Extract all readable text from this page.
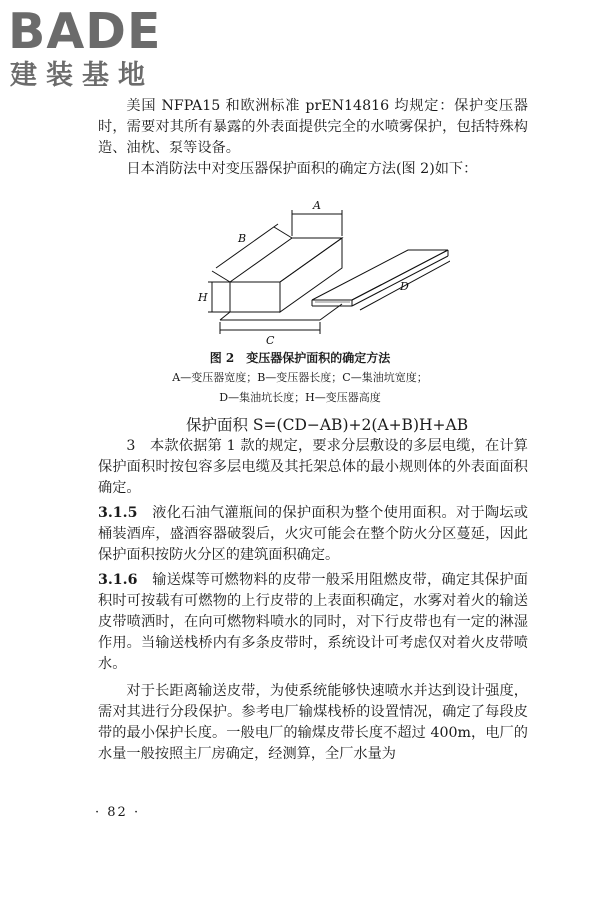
BADE
建装基地

美国 NFPA15 和欧洲标准 prEN14816 均规定：保护变压器时，需要对其所有暴露的外表面提供完全的水喷雾保护，包括特殊构造、油枕、泵等设备。

日本消防法中对变压器保护面积的确定方法(图 2)如下：

A
B
H
C
D
图 2　变压器保护面积的确定方法
A—变压器宽度；B—变压器长度；C—集油坑宽度；
D—集油坑长度；H—变压器高度
保护面积 S=(CD−AB)+2(A+B)H+AB

3　本款依据第 1 款的规定，要求分层敷设的多层电缆，在计算保护面积时按包容多层电缆及其托架总体的最小规则体的外表面面积确定。

3.1.5　液化石油气灌瓶间的保护面积为整个使用面积。对于陶坛或桶装酒库，盛酒容器破裂后，火灾可能会在整个防火分区蔓延，因此保护面积按防火分区的建筑面积确定。

3.1.6　输送煤等可燃物料的皮带一般采用阻燃皮带，确定其保护面积时可按载有可燃物的上行皮带的上表面积确定，水雾对着火的输送皮带喷洒时，在向可燃物料喷水的同时，对下行皮带也有一定的淋湿作用。当输送栈桥内有多条皮带时，系统设计可考虑仅对着火皮带喷水。

对于长距离输送皮带，为使系统能够快速喷水并达到设计强度，需对其进行分段保护。参考电厂输煤栈桥的设置情况，确定了每段皮带的最小保护长度。一般电厂的输煤皮带长度不超过 400m，电厂的水量一般按照主厂房确定，经测算，全厂水量为

· 82 ·
